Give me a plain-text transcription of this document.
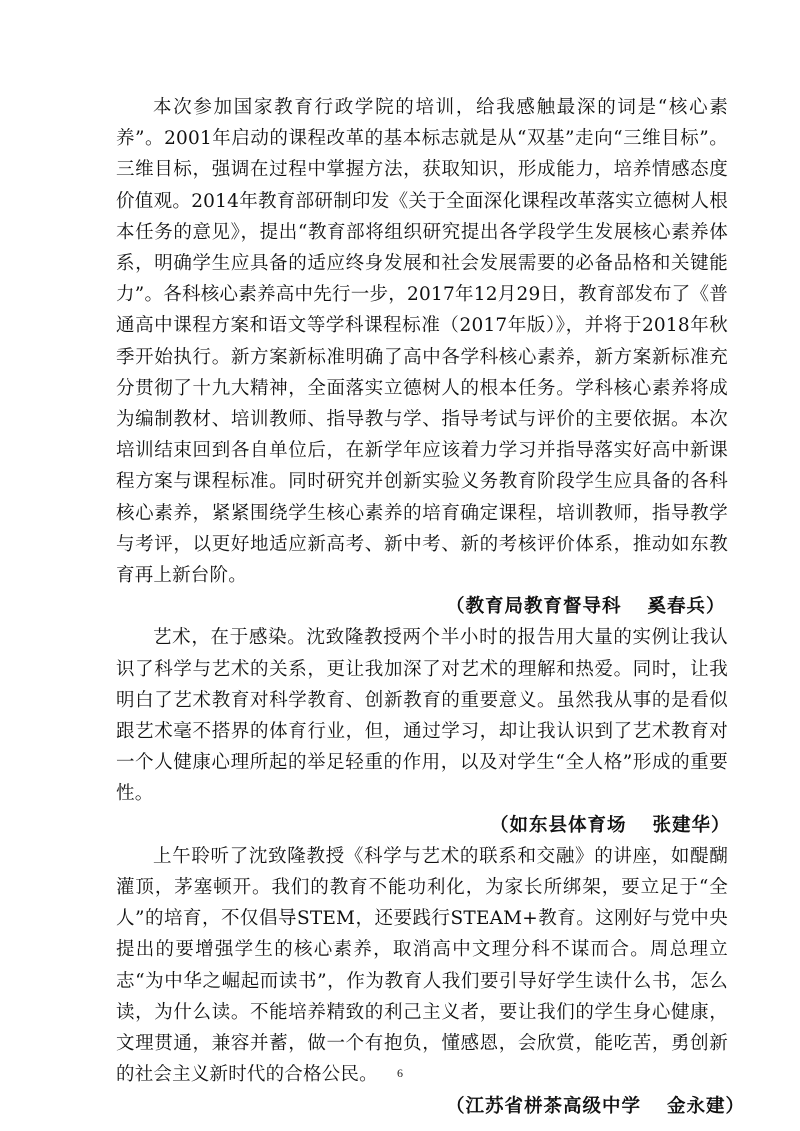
本次参加国家教育行政学院的培训，给我感触最深的词是“核心素养”。2001年启动的课程改革的基本标志就是从“双基”走向“三维目标”。三维目标，强调在过程中掌握方法，获取知识，形成能力，培养情感态度价值观。2014年教育部研制印发《关于全面深化课程改革落实立德树人根本任务的意见》，提出“教育部将组织研究提出各学段学生发展核心素养体系，明确学生应具备的适应终身发展和社会发展需要的必备品格和关键能力”。各科核心素养高中先行一步，2017年12月29日，教育部发布了《普通高中课程方案和语文等学科课程标准（2017年版）》，并将于2018年秋季开始执行。新方案新标准明确了高中各学科核心素养，新方案新标准充分贯彻了十九大精神，全面落实立德树人的根本任务。学科核心素养将成为编制教材、培训教师、指导教与学、指导考试与评价的主要依据。本次培训结束回到各自单位后，在新学年应该着力学习并指导落实好高中新课程方案与课程标准。同时研究并创新实验义务教育阶段学生应具备的各科核心素养，紧紧围绕学生核心素养的培育确定课程，培训教师，指导教学与考评，以更好地适应新高考、新中考、新的考核评价体系，推动如东教育再上新台阶。

（教育局教育督导科 奚春兵）

艺术，在于感染。沈致隆教授两个半小时的报告用大量的实例让我认识了科学与艺术的关系，更让我加深了对艺术的理解和热爱。同时，让我明白了艺术教育对科学教育、创新教育的重要意义。虽然我从事的是看似跟艺术毫不搭界的体育行业，但，通过学习，却让我认识到了艺术教育对一个人健康心理所起的举足轻重的作用，以及对学生“全人格”形成的重要性。

（如东县体育场 张建华）

上午聆听了沈致隆教授《科学与艺术的联系和交融》的讲座，如醍醐灌顶，茅塞顿开。我们的教育不能功利化，为家长所绑架，要立足于“全人”的培育，不仅倡导STEM，还要践行STEAM+教育。这刚好与党中央提出的要增强学生的核心素养，取消高中文理分科不谋而合。周总理立志“为中华之崛起而读书”，作为教育人我们要引导好学生读什么书，怎么读，为什么读。不能培养精致的利己主义者，要让我们的学生身心健康，文理贯通，兼容并蓄，做一个有抱负，懂感恩，会欣赏，能吃苦，勇创新的社会主义新时代的合格公民。

（江苏省栟茶高级中学 金永建）

6
